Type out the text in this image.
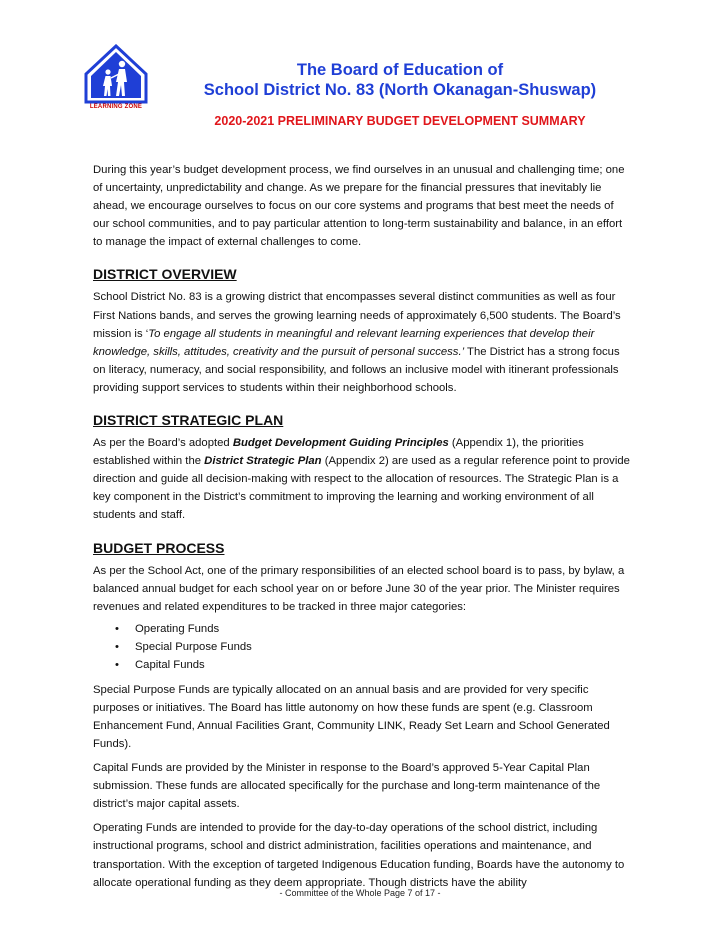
LEARNING ZONE
The Board of Education of
School District No. 83 (North Okanagan-Shuswap)
2020-2021 PRELIMINARY BUDGET DEVELOPMENT SUMMARY

During this year’s budget development process, we find ourselves in an unusual and challenging time; one of uncertainty, unpredictability and change. As we prepare for the financial pressures that inevitably lie ahead, we encourage ourselves to focus on our core systems and programs that best meet the needs of our school communities, and to pay particular attention to long-term sustainability and balance, in an effort to manage the impact of external challenges to come.

DISTRICT OVERVIEW

School District No. 83 is a growing district that encompasses several distinct communities as well as four First Nations bands, and serves the growing learning needs of approximately 6,500 students. The Board’s mission is ‘To engage all students in meaningful and relevant learning experiences that develop their knowledge, skills, attitudes, creativity and the pursuit of personal success.’ The District has a strong focus on literacy, numeracy, and social responsibility, and follows an inclusive model with itinerant professionals providing support services to students within their neighborhood schools.

DISTRICT STRATEGIC PLAN

As per the Board’s adopted Budget Development Guiding Principles (Appendix 1), the priorities established within the District Strategic Plan (Appendix 2) are used as a regular reference point to provide direction and guide all decision-making with respect to the allocation of resources. The Strategic Plan is a key component in the District’s commitment to improving the learning and working environment of all students and staff.

BUDGET PROCESS

As per the School Act, one of the primary responsibilities of an elected school board is to pass, by bylaw, a balanced annual budget for each school year on or before June 30 of the year prior. The Minister requires revenues and related expenditures to be tracked in three major categories:

• Operating Funds
• Special Purpose Funds
• Capital Funds

Special Purpose Funds are typically allocated on an annual basis and are provided for very specific purposes or initiatives. The Board has little autonomy on how these funds are spent (e.g. Classroom Enhancement Fund, Annual Facilities Grant, Community LINK, Ready Set Learn and School Generated Funds).

Capital Funds are provided by the Minister in response to the Board’s approved 5-Year Capital Plan submission. These funds are allocated specifically for the purchase and long-term maintenance of the district’s major capital assets.

Operating Funds are intended to provide for the day-to-day operations of the school district, including instructional programs, school and district administration, facilities operations and maintenance, and transportation. With the exception of targeted Indigenous Education funding, Boards have the autonomy to allocate operational funding as they deem appropriate. Though districts have the ability

- Committee of the Whole Page 7 of 17 -
